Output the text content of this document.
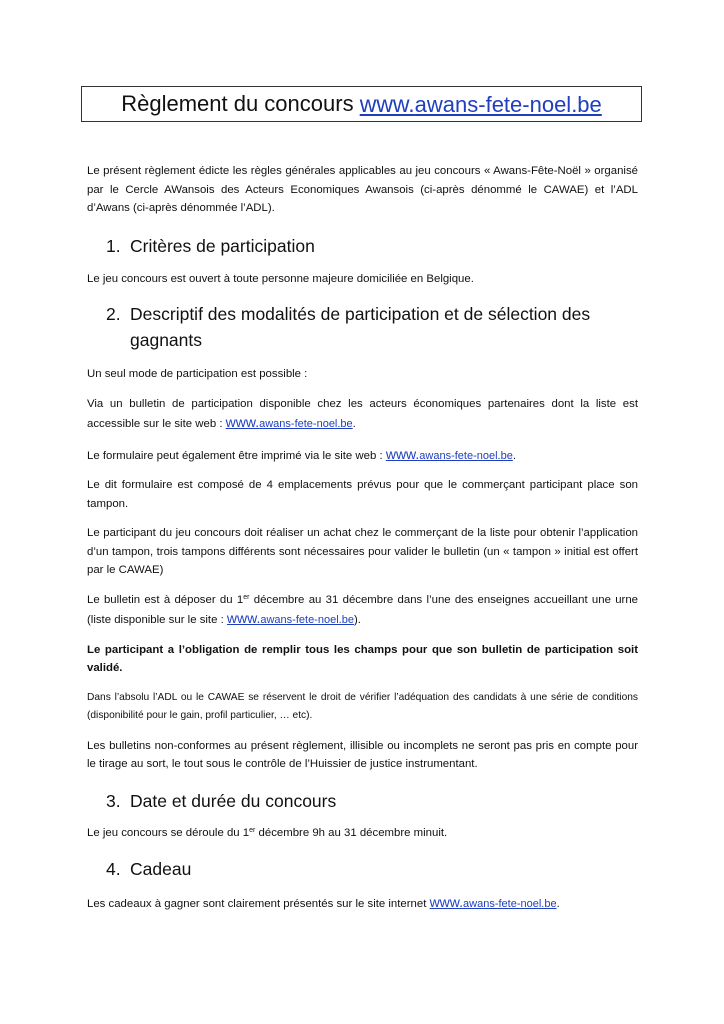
Règlement du concours
www.awans-fete-noel.be

Le présent règlement édicte les règles générales applicables au jeu concours « Awans-Fête-Noël » organisé par le Cercle AWansois des Acteurs Economiques Awansois (ci-après dénommé le CAWAE) et l’ADL d’Awans (ci-après dénommée l’ADL).

1. Critères de participation

Le jeu concours est ouvert à toute personne majeure domiciliée en Belgique.

2. Descriptif des modalités de participation et de sélection des gagnants

Un seul mode de participation est possible :

Via un bulletin de participation disponible chez les acteurs économiques partenaires dont la liste est accessible sur le site web : www.awans-fete-noel.be.

Le formulaire peut également être imprimé via le site web : www.awans-fete-noel.be.

Le dit formulaire est composé de 4 emplacements prévus pour que le commerçant participant place son tampon.

Le participant du jeu concours doit réaliser un achat chez le commerçant de la liste pour obtenir l’application d’un tampon, trois tampons différents sont nécessaires pour valider le bulletin (un « tampon » initial est offert par le CAWAE)

Le bulletin est à déposer du 1er décembre au 31 décembre dans l’une des enseignes accueillant une urne (liste disponible sur le site : www.awans-fete-noel.be).

Le participant a l’obligation de remplir tous les champs pour que son bulletin de participation soit validé.

Dans l’absolu l’ADL ou le CAWAE se réservent le droit de vérifier l’adéquation des candidats à une série de conditions (disponibilité pour le gain, profil particulier, … etc).

Les bulletins non-conformes au présent règlement, illisible ou incomplets ne seront pas pris en compte pour le tirage au sort, le tout sous le contrôle de l’Huissier de justice instrumentant.

3. Date et durée du concours

Le jeu concours se déroule du 1er décembre 9h au 31 décembre minuit.

4. Cadeau

Les cadeaux à gagner sont clairement présentés sur le site internet www.awans-fete-noel.be.
